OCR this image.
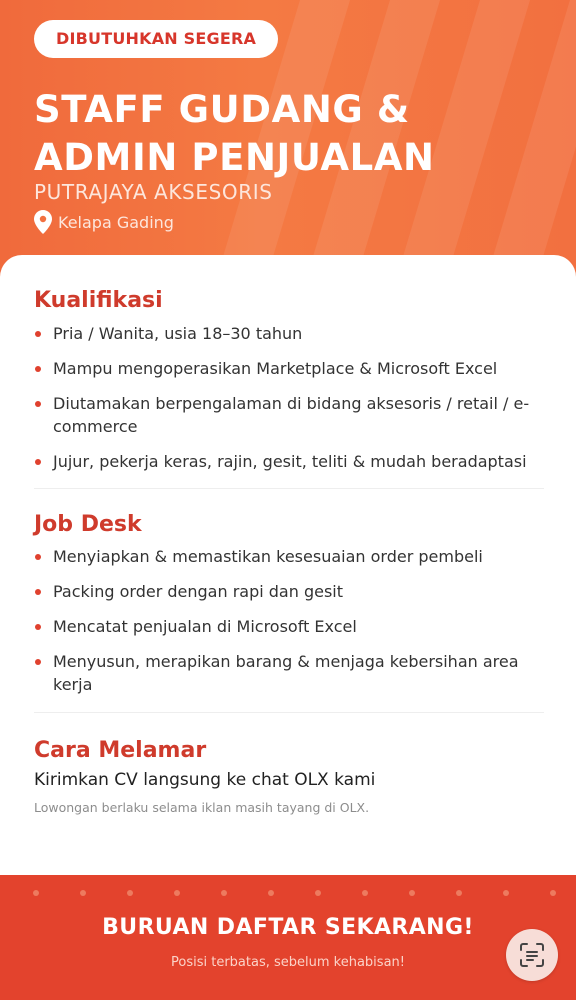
DIBUTUHKAN SEGERA
STAFF GUDANG &
ADMIN PENJUALAN
PUTRAJAYA AKSESORIS
Kelapa Gading
Kualifikasi
Pria / Wanita, usia 18–30 tahun
Mampu mengoperasikan Marketplace & Microsoft Excel
Diutamakan berpengalaman di bidang aksesoris / retail / e-commerce
Jujur, pekerja keras, rajin, gesit, teliti & mudah beradaptasi
Job Desk
Menyiapkan & memastikan kesesuaian order pembeli
Packing order dengan rapi dan gesit
Mencatat penjualan di Microsoft Excel
Menyusun, merapikan barang & menjaga kebersihan area kerja
Cara Melamar
Kirimkan CV langsung ke chat OLX kami
Lowongan berlaku selama iklan masih tayang di OLX.
BURUAN DAFTAR SEKARANG!
Posisi terbatas, sebelum kehabisan!
